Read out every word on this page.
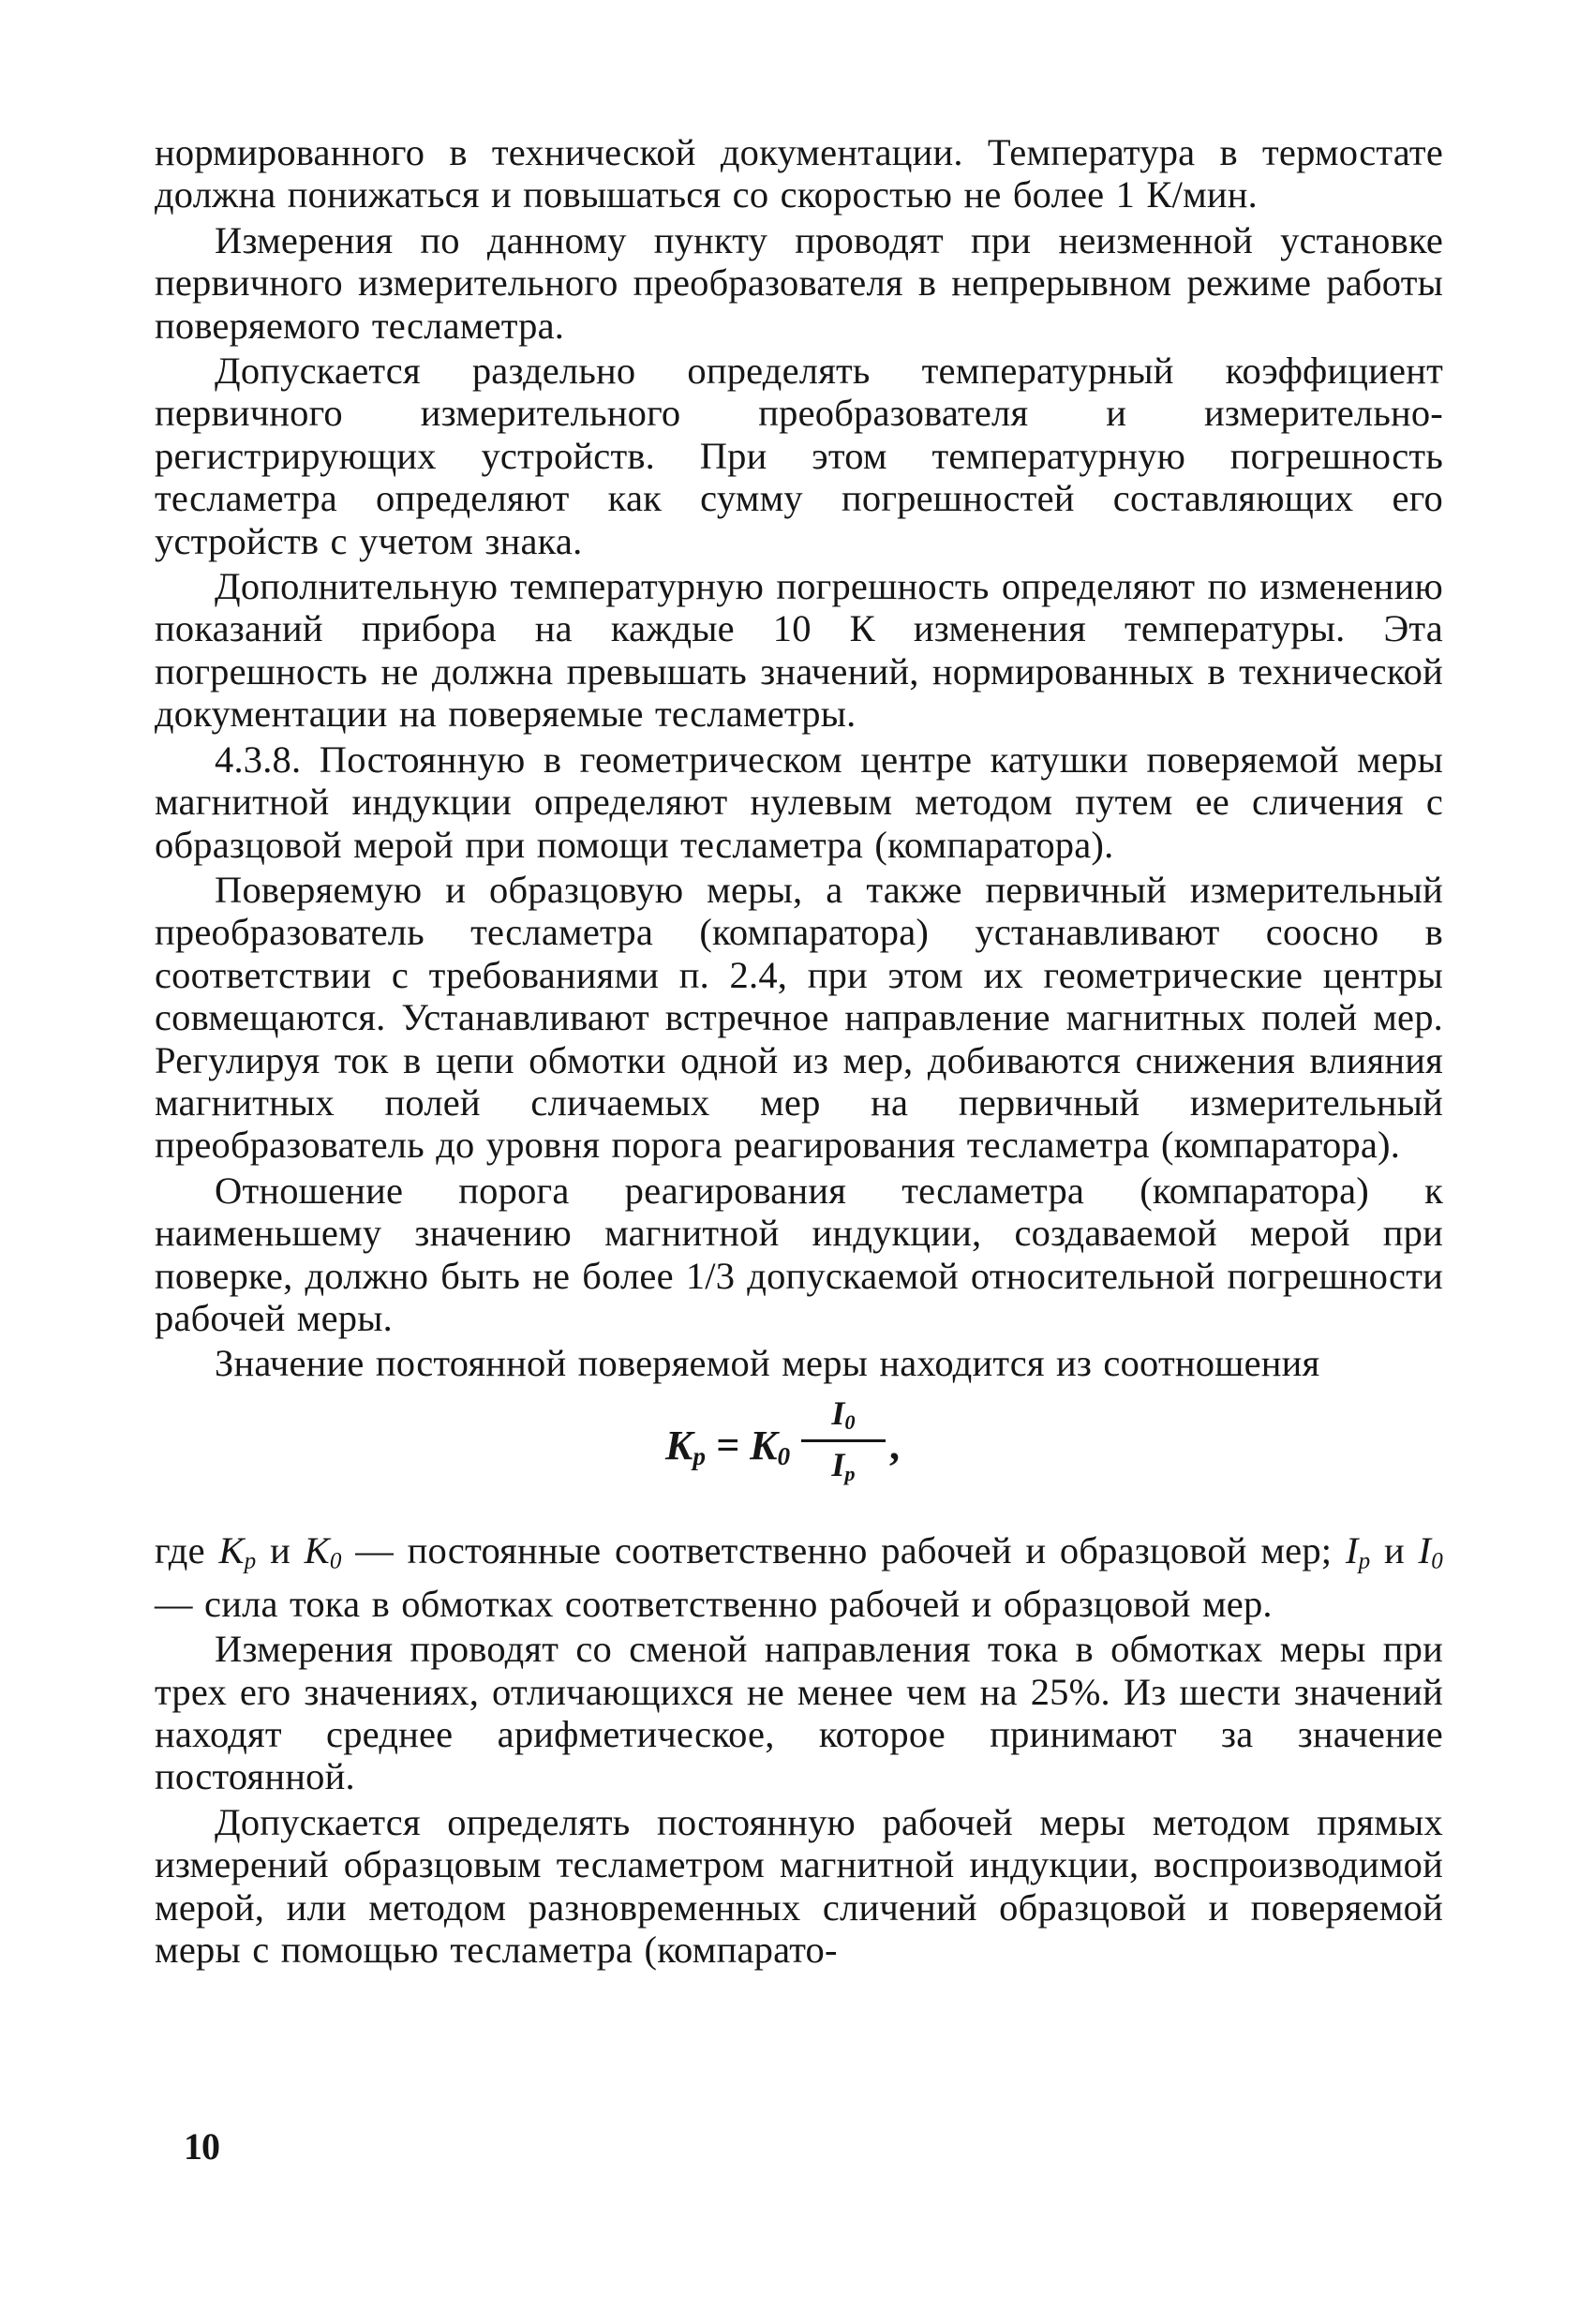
нормированного в технической документации. Температура в термостате должна понижаться и повышаться со скоростью не более 1 К/мин.

Измерения по данному пункту проводят при неизменной установке первичного измерительного преобразователя в непрерывном режиме работы поверяемого тесламетра.

Допускается раздельно определять температурный коэффициент первичного измерительного преобразователя и измерительно-регистрирующих устройств. При этом температурную погрешность тесламетра определяют как сумму погрешностей составляющих его устройств с учетом знака.

Дополнительную температурную погрешность определяют по изменению показаний прибора на каждые 10 К изменения температуры. Эта погрешность не должна превышать значений, нормированных в технической документации на поверяемые тесламетры.

4.3.8. Постоянную в геометрическом центре катушки поверяемой меры магнитной индукции определяют нулевым методом путем ее сличения с образцовой мерой при помощи тесламетра (компаратора).

Поверяемую и образцовую меры, а также первичный измерительный преобразователь тесламетра (компаратора) устанавливают соосно в соответствии с требованиями п. 2.4, при этом их геометрические центры совмещаются. Устанавливают встречное направление магнитных полей мер. Регулируя ток в цепи обмотки одной из мер, добиваются снижения влияния магнитных полей сличаемых мер на первичный измерительный преобразователь до уровня порога реагирования тесламетра (компаратора).

Отношение порога реагирования тесламетра (компаратора) к наименьшему значению магнитной индукции, создаваемой мерой при поверке, должно быть не более 1/3 допускаемой относительной погрешности рабочей меры.

Значение постоянной поверяемой меры находится из соотношения

$K_р = K_0$
$I_0$
$I_р$
,

где $K_р$ и $K_0$ — постоянные соответственно рабочей и образцовой мер; $I_р$ и $I_0$ — сила тока в обмотках соответственно рабочей и образцовой мер.

Измерения проводят со сменой направления тока в обмотках меры при трех его значениях, отличающихся не менее чем на 25%. Из шести значений находят среднее арифметическое, которое принимают за значение постоянной.

Допускается определять постоянную рабочей меры методом прямых измерений образцовым тесламетром магнитной индукции, воспроизводимой мерой, или методом разновременных сличений образцовой и поверяемой меры с помощью тесламетра (компарато-

10
